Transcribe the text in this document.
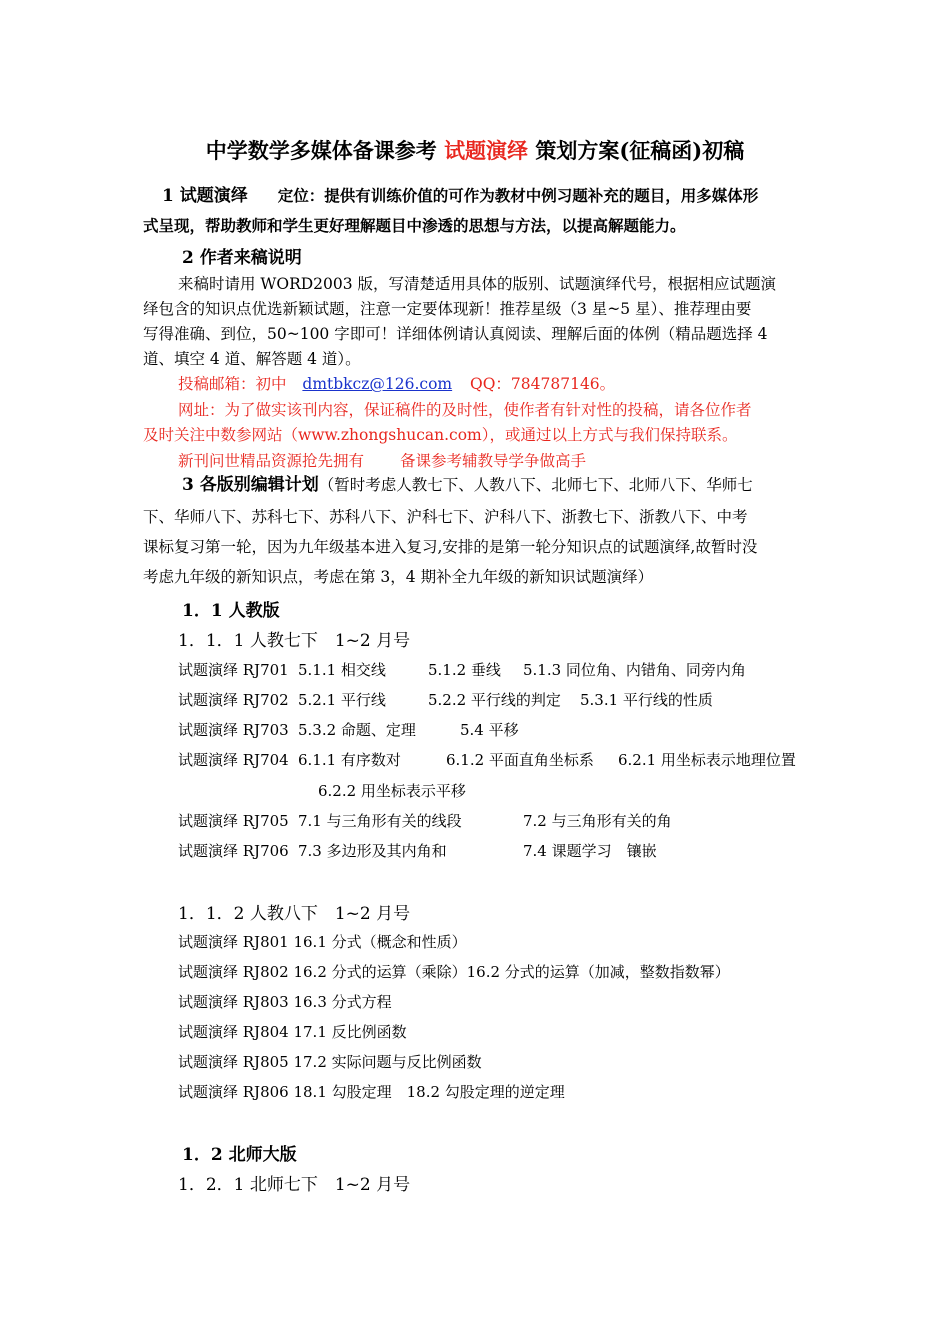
中学数学多媒体备课参考 试题演绎 策划方案(征稿函)初稿
1 试题演绎 定位：提供有训练价值的可作为教材中例习题补充的题目，用多媒体形
式呈现，帮助教师和学生更好理解题目中渗透的思想与方法，以提高解题能力。
2 作者来稿说明
来稿时请用 WORD2003 版，写清楚适用具体的版别、试题演绎代号，根据相应试题演
绎包含的知识点优选新颖试题，注意一定要体现新！推荐星级（3 星~5 星）、推荐理由要
写得准确、到位，50~100 字即可！详细体例请认真阅读、理解后面的体例（精品题选择 4
道、填空 4 道、解答题 4 道）。
投稿邮箱：初中 dmtbkcz@126.com QQ：784787146。
网址：为了做实该刊内容，保证稿件的及时性，使作者有针对性的投稿，请各位作者
及时关注中数参网站（www.zhongshucan.com），或通过以上方式与我们保持联系。
新刊问世精品资源抢先拥有 备课参考辅教导学争做高手
3 各版别编辑计划（暂时考虑人教七下、人教八下、北师七下、北师八下、华师七
下、华师八下、苏科七下、苏科八下、沪科七下、沪科八下、浙教七下、浙教八下、中考
课标复习第一轮，因为九年级基本进入复习,安排的是第一轮分知识点的试题演绎,故暂时没
考虑九年级的新知识点，考虑在第 3，4 期补全九年级的新知识试题演绎）
1．1 人教版
1．1．1 人教七下　1~2 月号
试题演绎 RJ701 5.1.1 相交线	5.1.2 垂线 5.1.3 同位角、内错角、同旁内角
试题演绎 RJ702 5.2.1 平行线	5.2.2 平行线的判定 5.3.1 平行线的性质
试题演绎 RJ703 5.3.2 命题、定理	5.4 平移
试题演绎 RJ704 6.1.1 有序数对	6.1.2 平面直角坐标系 6.2.1 用坐标表示地理位置
6.2.2 用坐标表示平移
试题演绎 RJ705 7.1 与三角形有关的线段	7.2 与三角形有关的角
试题演绎 RJ706 7.3 多边形及其内角和	7.4 课题学习　镶嵌
1．1．2 人教八下　1~2 月号
试题演绎 RJ801 16.1 分式（概念和性质）
试题演绎 RJ802 16.2 分式的运算（乘除）16.2 分式的运算（加减，整数指数幂）
试题演绎 RJ803 16.3 分式方程
试题演绎 RJ804 17.1 反比例函数
试题演绎 RJ805 17.2 实际问题与反比例函数
试题演绎 RJ806 18.1 勾股定理　18.2 勾股定理的逆定理
1．2 北师大版
1．2．1 北师七下　1~2 月号
